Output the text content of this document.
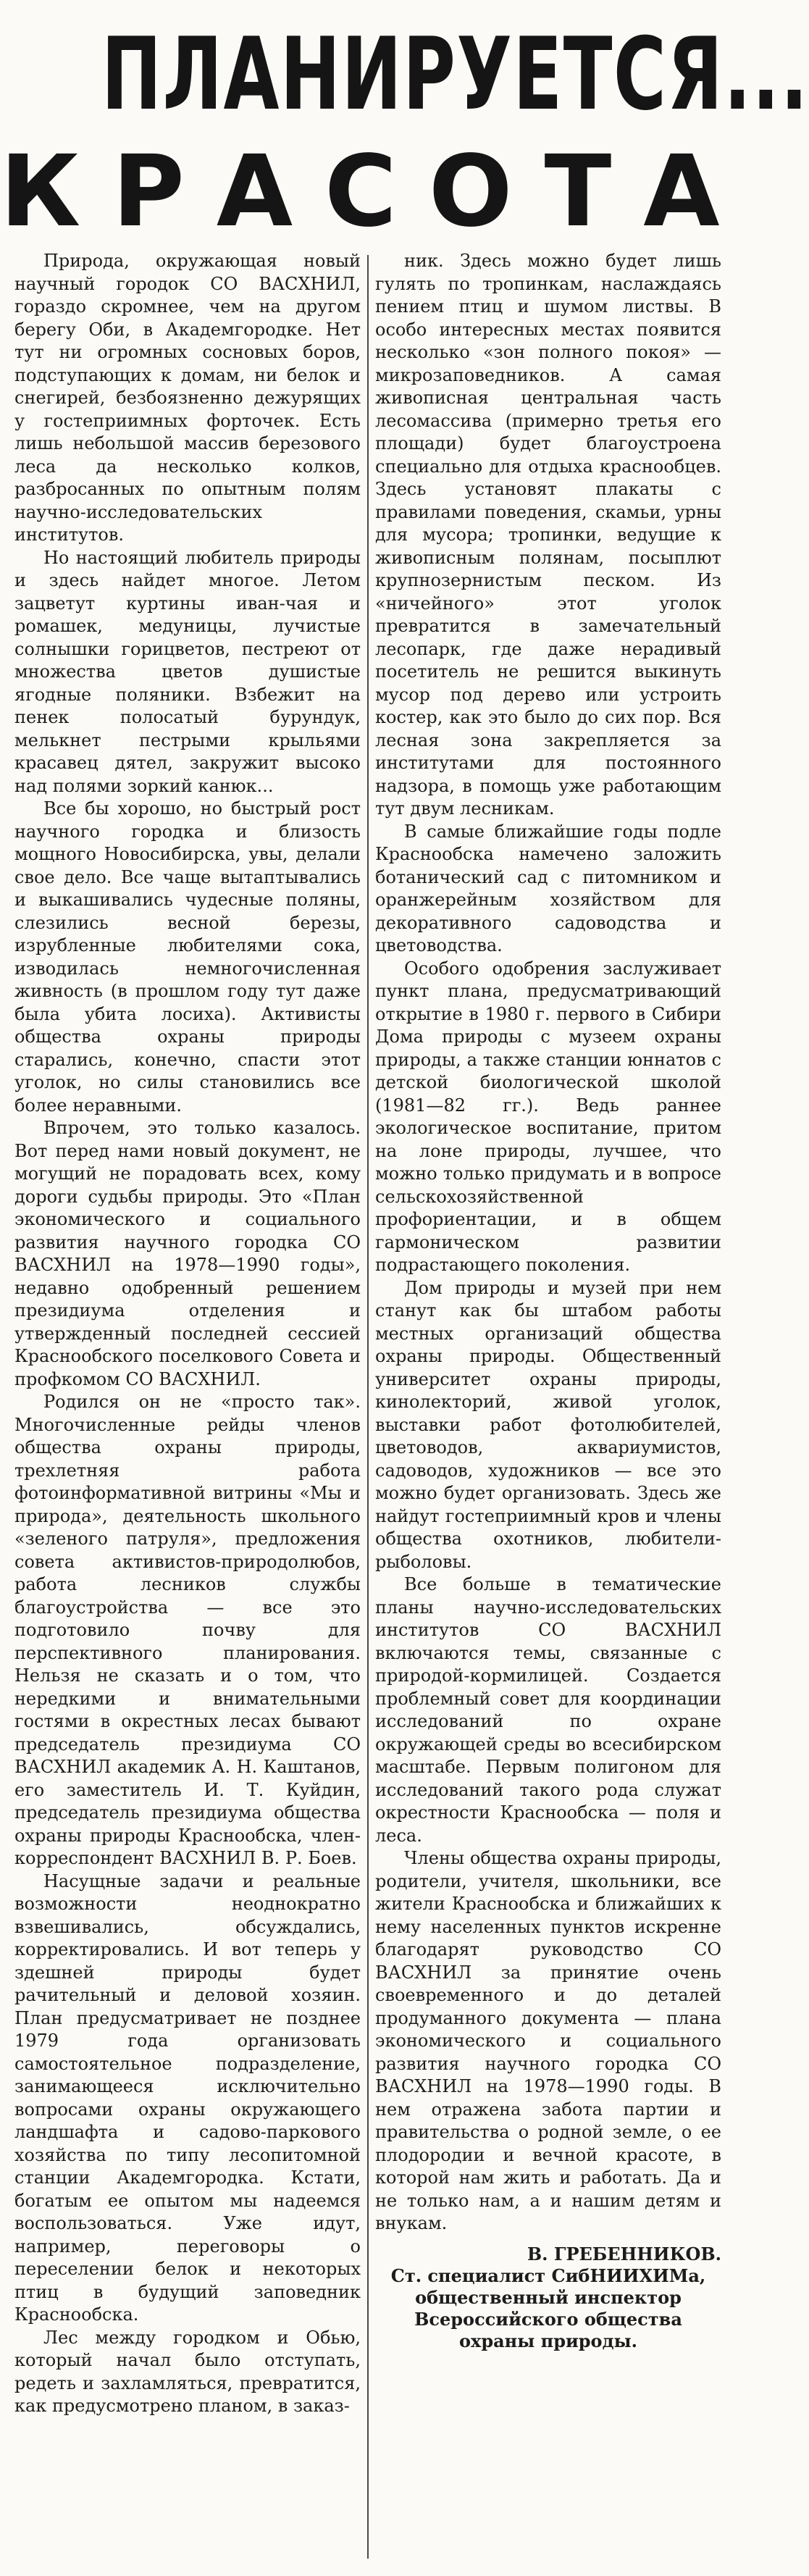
ПЛАНИРУЕТСЯ...
КРАСОТА

Природа, окружающая новый научный городок СО ВАСХНИЛ, гораздо скромнее, чем на другом берегу Оби, в Академгородке. Нет тут ни огромных сосновых боров, подступающих к домам, ни белок и снегирей, безбоязненно дежурящих у гостеприимных форточек. Есть лишь небольшой массив березового леса да несколько колков, разбросанных по опытным полям научно-исследовательских институтов.

Но настоящий любитель природы и здесь найдет многое. Летом зацветут куртины иван-чая и ромашек, медуницы, лучистые солнышки горицветов, пестреют от множества цветов душистые ягодные поляники. Взбежит на пенек полосатый бурундук, мелькнет пестрыми крыльями красавец дятел, закружит высоко над полями зоркий канюк...

Все бы хорошо, но быстрый рост научного городка и близость мощного Новосибирска, увы, делали свое дело. Все чаще вытаптывались и выкашивались чудесные поляны, слезились весной березы, изрубленные любителями сока, изводилась немногочисленная живность (в прошлом году тут даже была убита лосиха). Активисты общества охраны природы старались, конечно, спасти этот уголок, но силы становились все более неравными.

Впрочем, это только казалось. Вот перед нами новый документ, не могущий не порадовать всех, кому дороги судьбы природы. Это «План экономического и социального развития научного городка СО ВАСХНИЛ на 1978—1990 годы», недавно одобренный решением президиума отделения и утвержденный последней сессией Краснообского поселкового Совета и профкомом СО ВАСХНИЛ.

Родился он не «просто так». Многочисленные рейды членов общества охраны природы, трехлетняя работа фотоинформативной витрины «Мы и природа», деятельность школьного «зеленого патруля», предложения совета активистов-природолюбов, работа лесников службы благоустройства — все это подготовило почву для перспективного планирования. Нельзя не сказать и о том, что нередкими и внимательными гостями в окрестных лесах бывают председатель президиума СО ВАСХНИЛ академик А. Н. Каштанов, его заместитель И. Т. Куйдин, председатель президиума общества охраны природы Краснообска, член-корреспондент ВАСХНИЛ В. Р. Боев.

Насущные задачи и реальные возможности неоднократно взвешивались, обсуждались, корректировались. И вот теперь у здешней природы будет рачительный и деловой хозяин. План предусматривает не позднее 1979 года организовать самостоятельное подразделение, занимающееся исключительно вопросами охраны окружающего ландшафта и садово-паркового хозяйства по типу лесопитомной станции Академгородка. Кстати, богатым ее опытом мы надеемся воспользоваться. Уже идут, например, переговоры о переселении белок и некоторых птиц в будущий заповедник Краснообска.

Лес между городком и Обью, который начал было отступать, редеть и захламляться, превратится, как предусмотрено планом, в заказ-

ник. Здесь можно будет лишь гулять по тропинкам, наслаждаясь пением птиц и шумом листвы. В особо интересных местах появится несколько «зон полного покоя» — микрозаповедников. А самая живописная центральная часть лесомассива (примерно третья его площади) будет благоустроена специально для отдыха краснообцев. Здесь установят плакаты с правилами поведения, скамьи, урны для мусора; тропинки, ведущие к живописным полянам, посыплют крупнозернистым песком. Из «ничейного» этот уголок превратится в замечательный лесопарк, где даже нерадивый посетитель не решится выкинуть мусор под дерево или устроить костер, как это было до сих пор. Вся лесная зона закрепляется за институтами для постоянного надзора, в помощь уже работающим тут двум лесникам.

В самые ближайшие годы подле Краснообска намечено заложить ботанический сад с питомником и оранжерейным хозяйством для декоративного садоводства и цветоводства.

Особого одобрения заслуживает пункт плана, предусматривающий открытие в 1980 г. первого в Сибири Дома природы с музеем охраны природы, а также станции юннатов с детской биологической школой (1981—82 гг.). Ведь раннее экологическое воспитание, притом на лоне природы, лучшее, что можно только придумать и в вопросе сельскохозяйственной профориентации, и в общем гармоническом развитии подрастающего поколения.

Дом природы и музей при нем станут как бы штабом работы местных организаций общества охраны природы. Общественный университет охраны природы, кинолекторий, живой уголок, выставки работ фотолюбителей, цветоводов, аквариумистов, садоводов, художников — все это можно будет организовать. Здесь же найдут гостеприимный кров и члены общества охотников, любители-рыболовы.

Все больше в тематические планы научно-исследовательских институтов СО ВАСХНИЛ включаются темы, связанные с природой-кормилицей. Создается проблемный совет для координации исследований по охране окружающей среды во всесибирском масштабе. Первым полигоном для исследований такого рода служат окрестности Краснообска — поля и леса.

Члены общества охраны природы, родители, учителя, школьники, все жители Краснообска и ближайших к нему населенных пунктов искренне благодарят руководство СО ВАСХНИЛ за принятие очень своевременного и до деталей продуманного документа — плана экономического и социального развития научного городка СО ВАСХНИЛ на 1978—1990 годы. В нем отражена забота партии и правительства о родной земле, о ее плодородии и вечной красоте, в которой нам жить и работать. Да и не только нам, а и нашим детям и внукам.

В. ГРЕБЕННИКОВ.

Ст. специалист СибНИИХИМа, общественный инспектор Всероссийского общества охраны природы.
